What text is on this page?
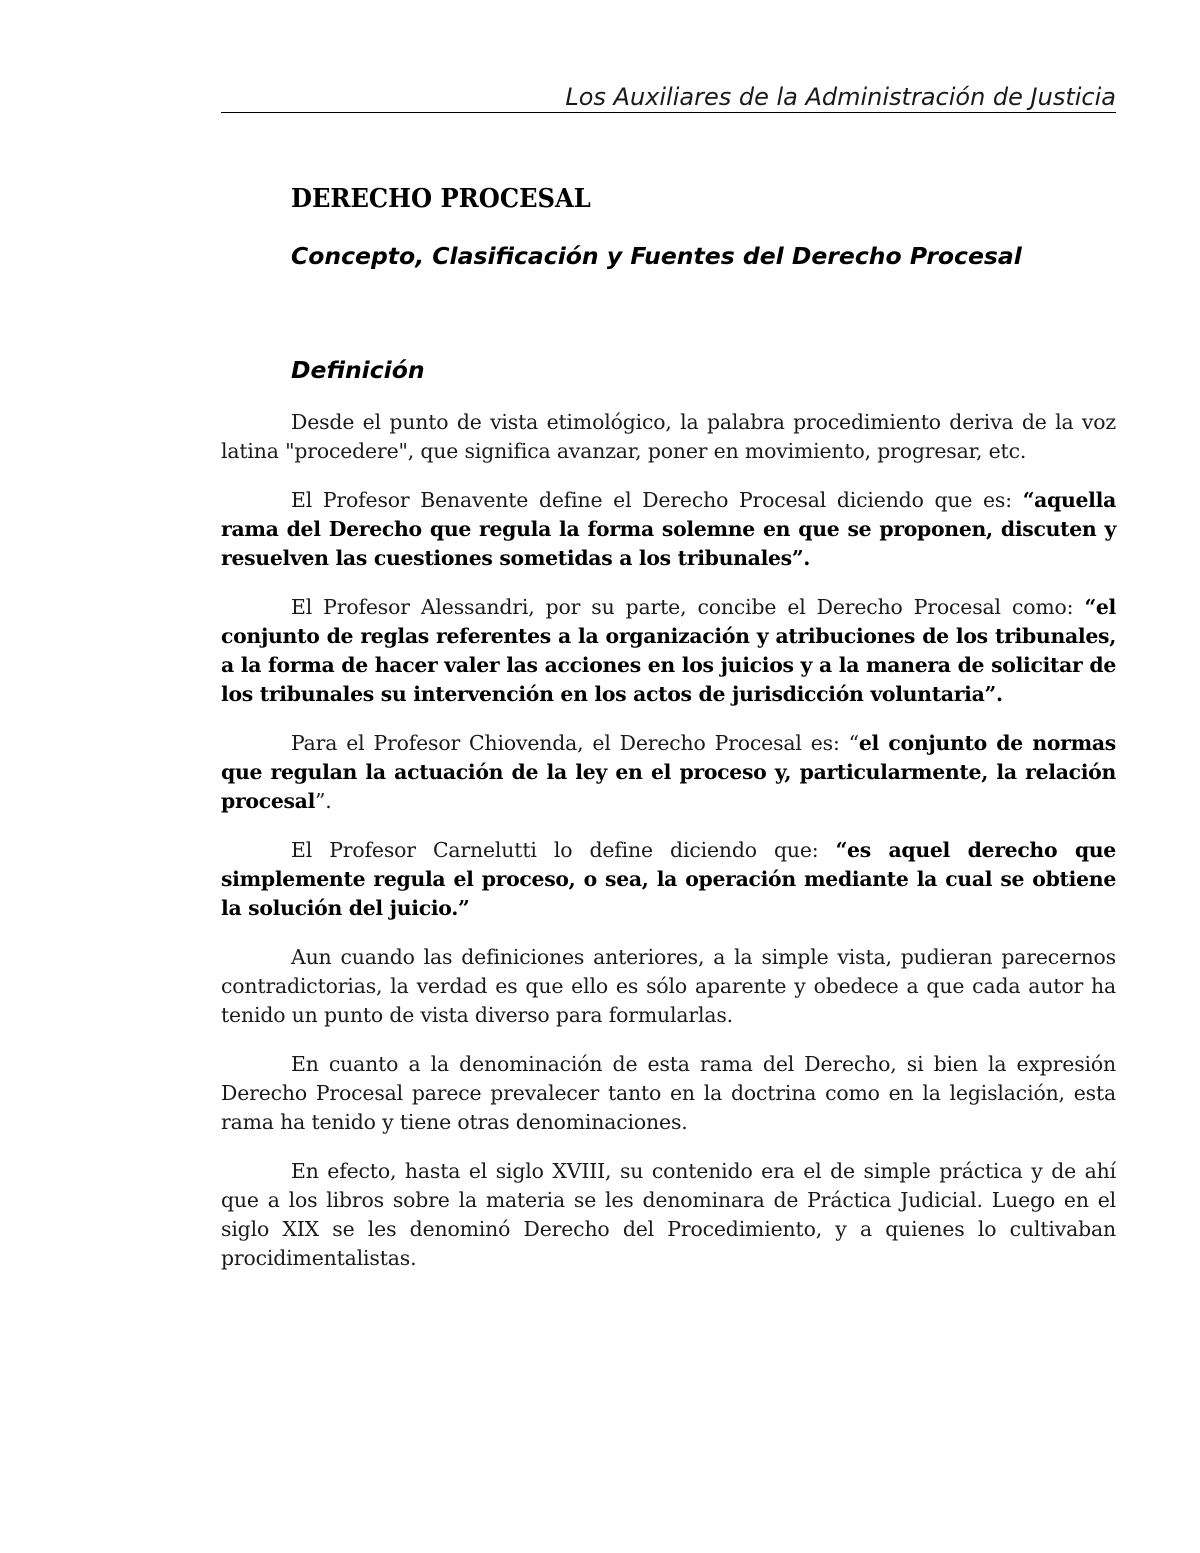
Los Auxiliares de la Administración de Justicia
DERECHO PROCESAL
Concepto, Clasificación y Fuentes del Derecho Procesal
Definición

Desde el punto de vista etimológico, la palabra procedimiento deriva de la voz latina "procedere", que significa avanzar, poner en movimiento, progresar, etc.

El Profesor Benavente define el Derecho Procesal diciendo que es: “aquella rama del Derecho que regula la forma solemne en que se proponen, discuten y resuelven las cuestiones sometidas a los tribunales”.

El Profesor Alessandri, por su parte, concibe el Derecho Procesal como: “el conjunto de reglas referentes a la organización y atribuciones de los tribunales, a la forma de hacer valer las acciones en los juicios y a la manera de solicitar de los tribunales su intervención en los actos de jurisdicción voluntaria”.

Para el Profesor Chiovenda, el Derecho Procesal es: “el conjunto de normas que regulan la actuación de la ley en el proceso y, particularmente, la relación procesal”.

El Profesor Carnelutti lo define diciendo que: “es aquel derecho que simplemente regula el proceso, o sea, la operación mediante la cual se obtiene la solución del juicio.”

Aun cuando las definiciones anteriores, a la simple vista, pudieran parecernos contradictorias, la verdad es que ello es sólo aparente y obedece a que cada autor ha tenido un punto de vista diverso para formularlas.

En cuanto a la denominación de esta rama del Derecho, si bien la expresión Derecho Procesal parece prevalecer tanto en la doctrina como en la legislación, esta rama ha tenido y tiene otras denominaciones.

En efecto, hasta el siglo XVIII, su contenido era el de simple práctica y de ahí que a los libros sobre la materia se les denominara de Práctica Judicial. Luego en el siglo XIX se les denominó Derecho del Procedimiento, y a quienes lo cultivaban procidimentalistas.
